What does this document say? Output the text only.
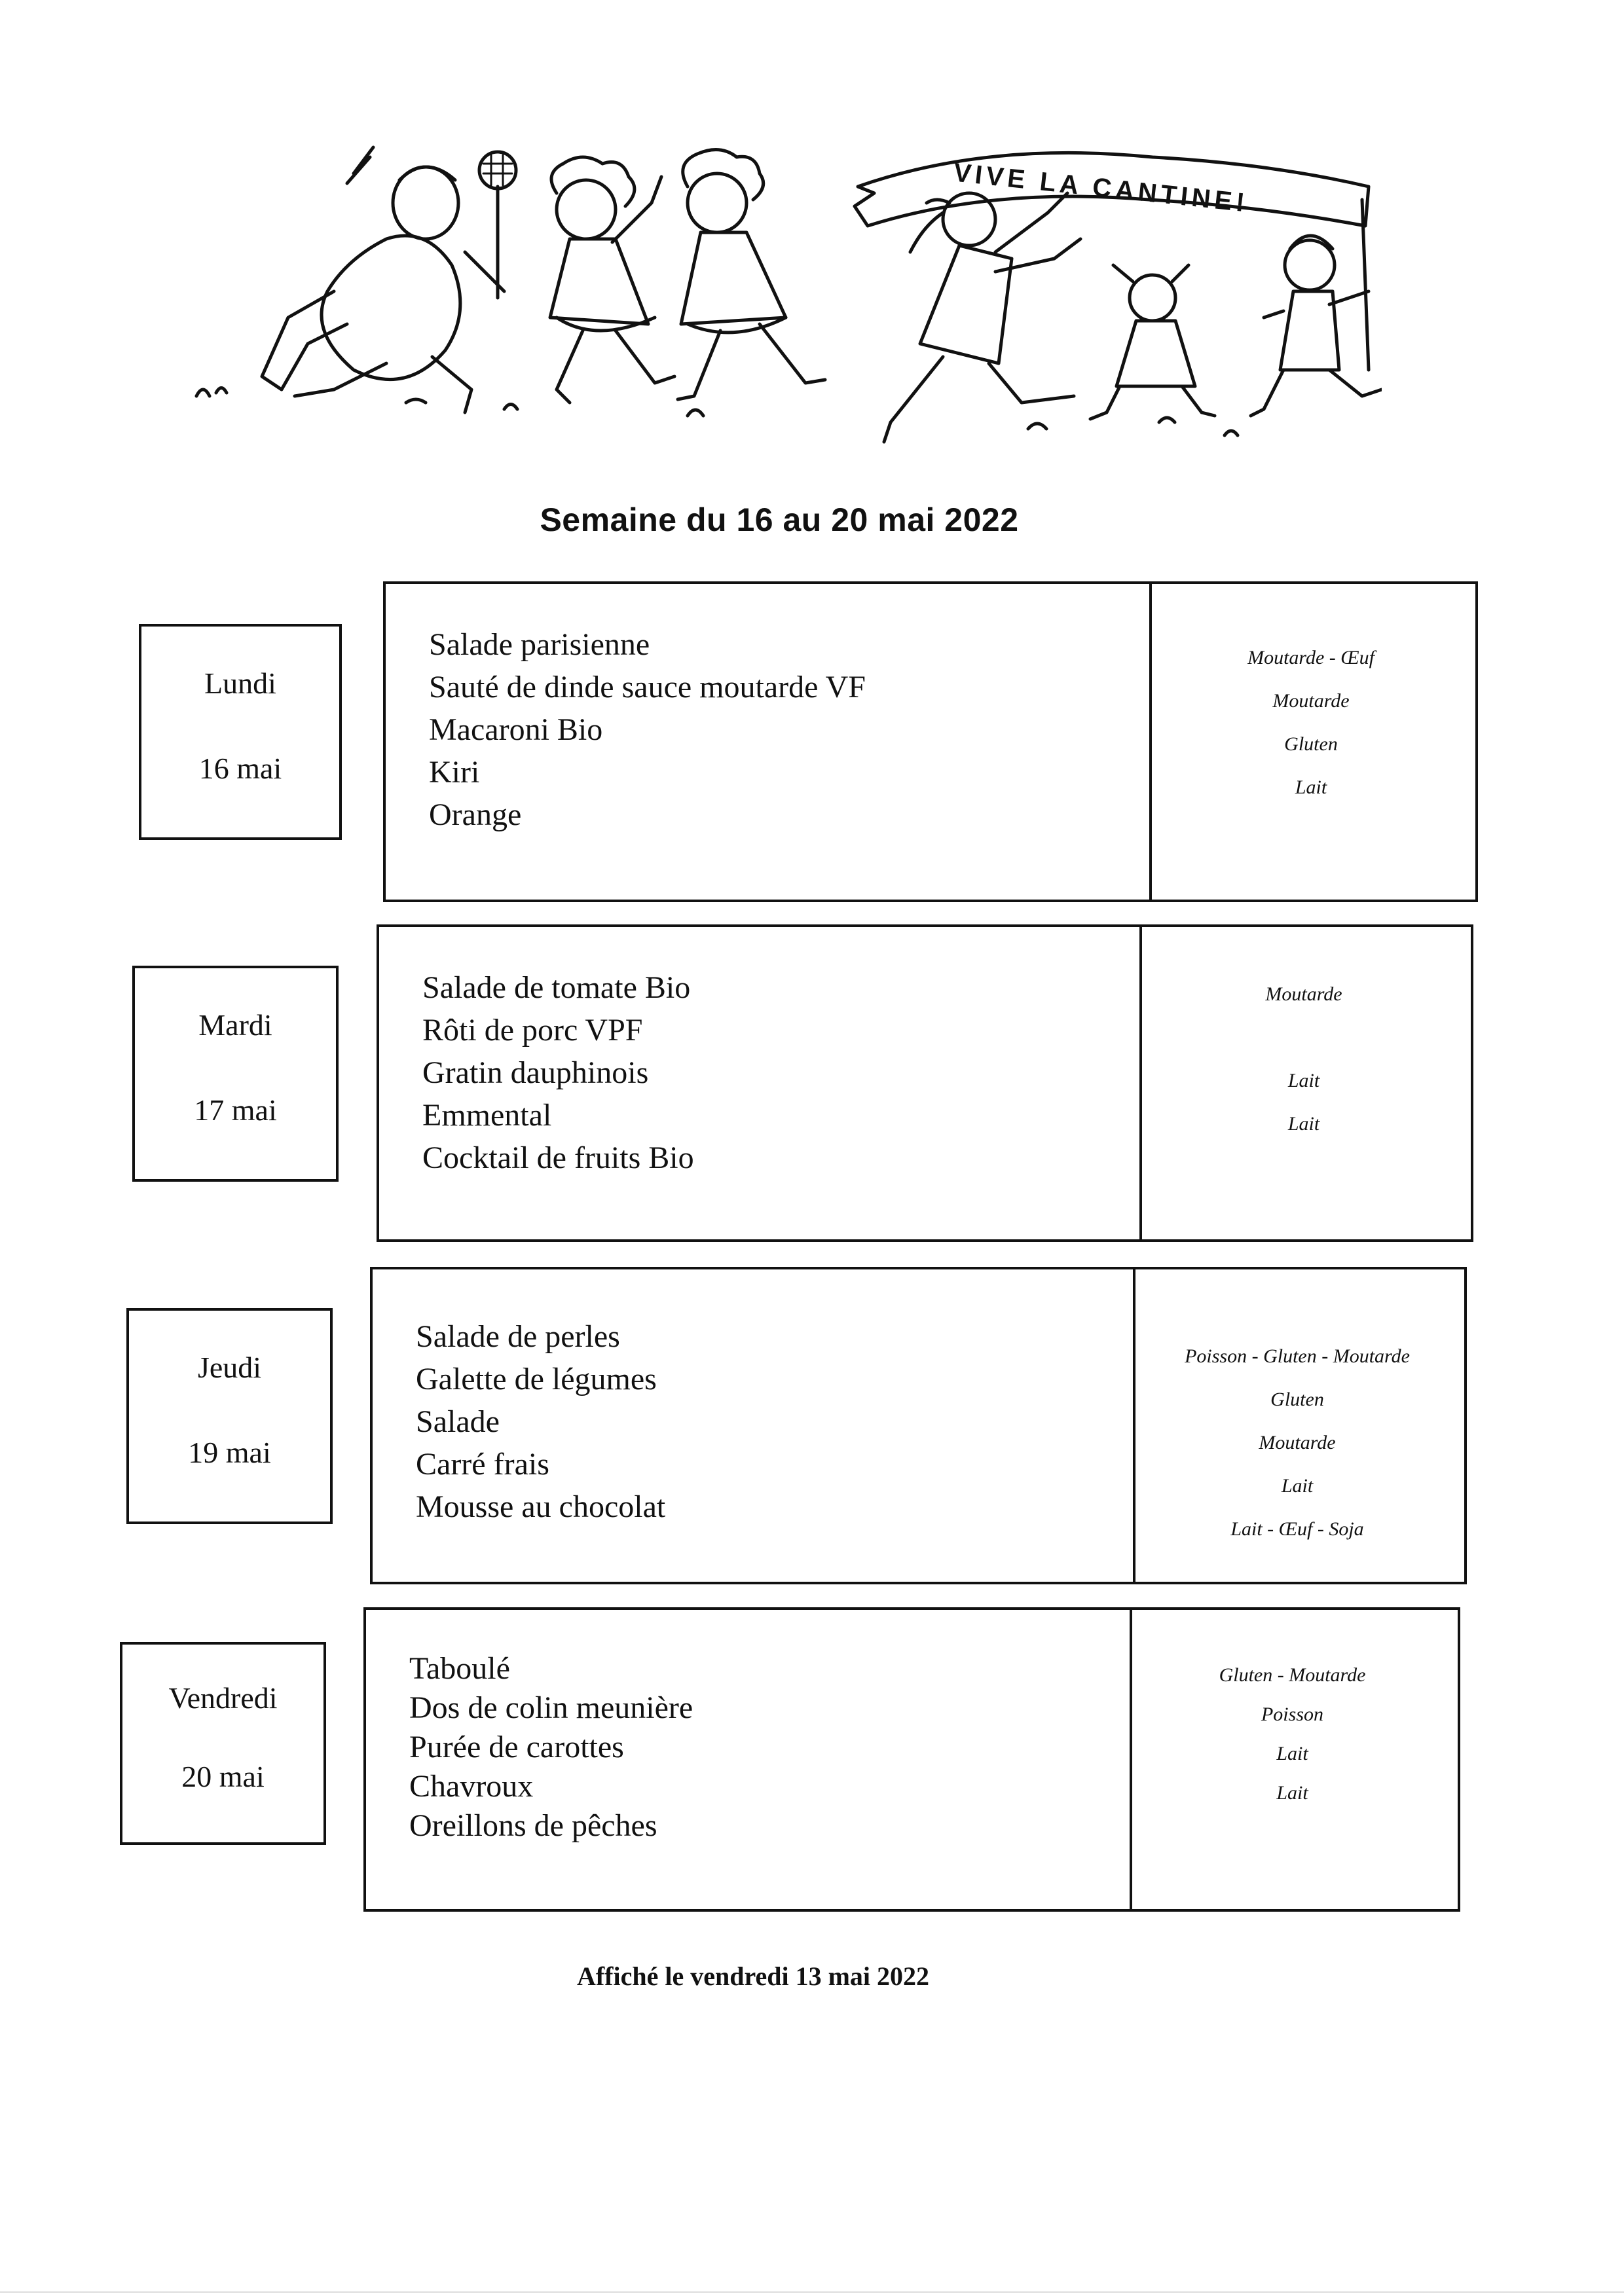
VIVE LA CANTINE!
Semaine du 16 au 20 mai 2022
Lundi
16 mai
Salade parisienne
Sauté de dinde sauce moutarde VF
Macaroni Bio
Kiri
Orange
Moutarde - Œuf
Moutarde
Gluten
Lait
Mardi
17 mai
Salade de tomate Bio
Rôti de porc VPF
Gratin dauphinois
Emmental
Cocktail de fruits Bio
Moutarde
Lait
Lait
Jeudi
19 mai
Salade de perles
Galette de légumes
Salade
Carré frais
Mousse au chocolat
Poisson - Gluten - Moutarde
Gluten
Moutarde
Lait
Lait - Œuf - Soja
Vendredi
20 mai
Taboulé
Dos de colin meunière
Purée de carottes
Chavroux
Oreillons de pêches
Gluten - Moutarde
Poisson
Lait
Lait
Affiché le vendredi 13 mai 2022
